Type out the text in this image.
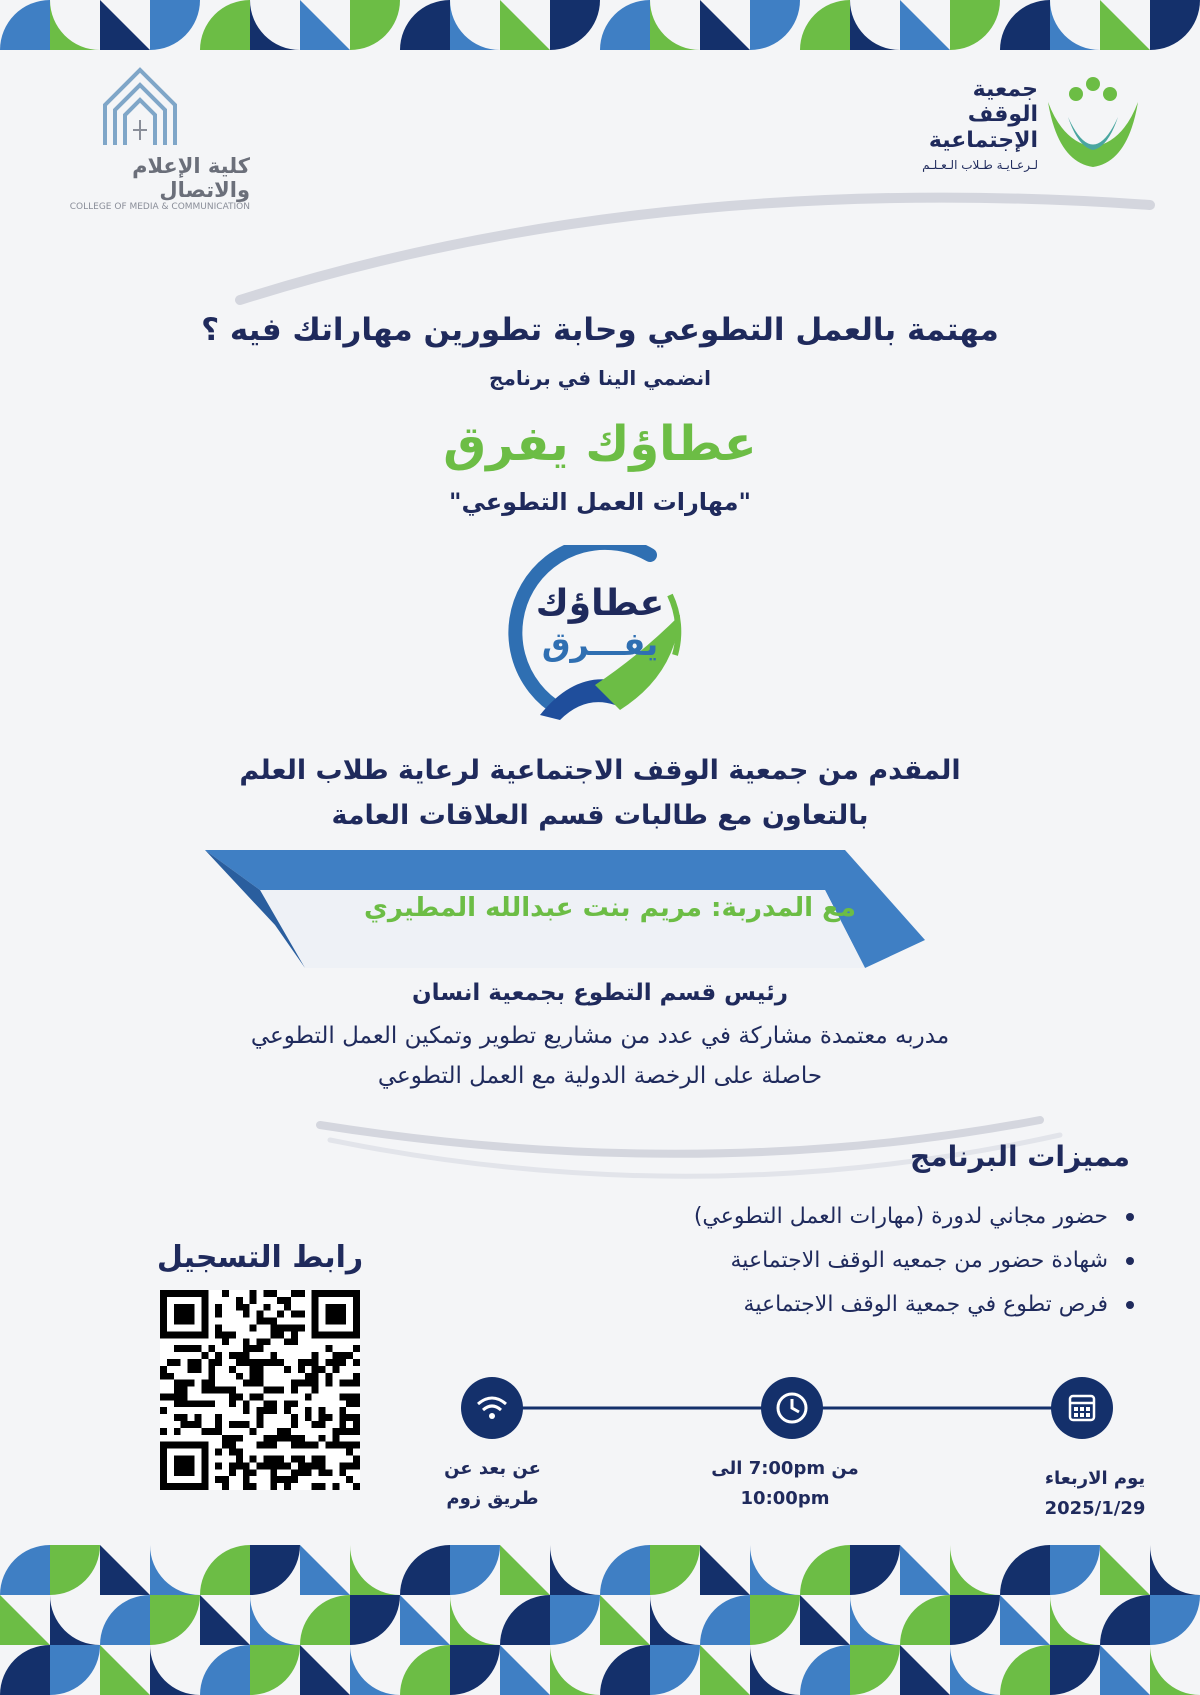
كلية الإعلام والاتصال
COLLEGE OF MEDIA & COMMUNICATION
جمعية
الوقف الإجتماعية
لـرعـايـة طـلاب الـعـلـم
مهتمة بالعمل التطوعي وحابة تطورين مهاراتك فيه ؟
انضمي الينا في برنامج
عطاؤك يفرق
"مهارات العمل التطوعي"
عطاؤك
يفـــرق
المقدم من جمعية الوقف الاجتماعية لرعاية طلاب العلم
بالتعاون مع طالبات قسم العلاقات العامة
مع المدربة: مريم بنت عبدالله المطيري
رئيس قسم التطوع بجمعية انسان
مدربه معتمدة مشاركة في عدد من مشاريع تطوير وتمكين العمل التطوعي
حاصلة على الرخصة الدولية مع العمل التطوعي
مميزات البرنامج
حضور مجاني لدورة (مهارات العمل التطوعي)
شهادة حضور من جمعيه الوقف الاجتماعية
فرص تطوع في جمعية الوقف الاجتماعية
رابط التسجيل
عن بعد عن
طريق زوم
من 7:00pm الى
10:00pm
يوم الاربعاء
2025/1/29
